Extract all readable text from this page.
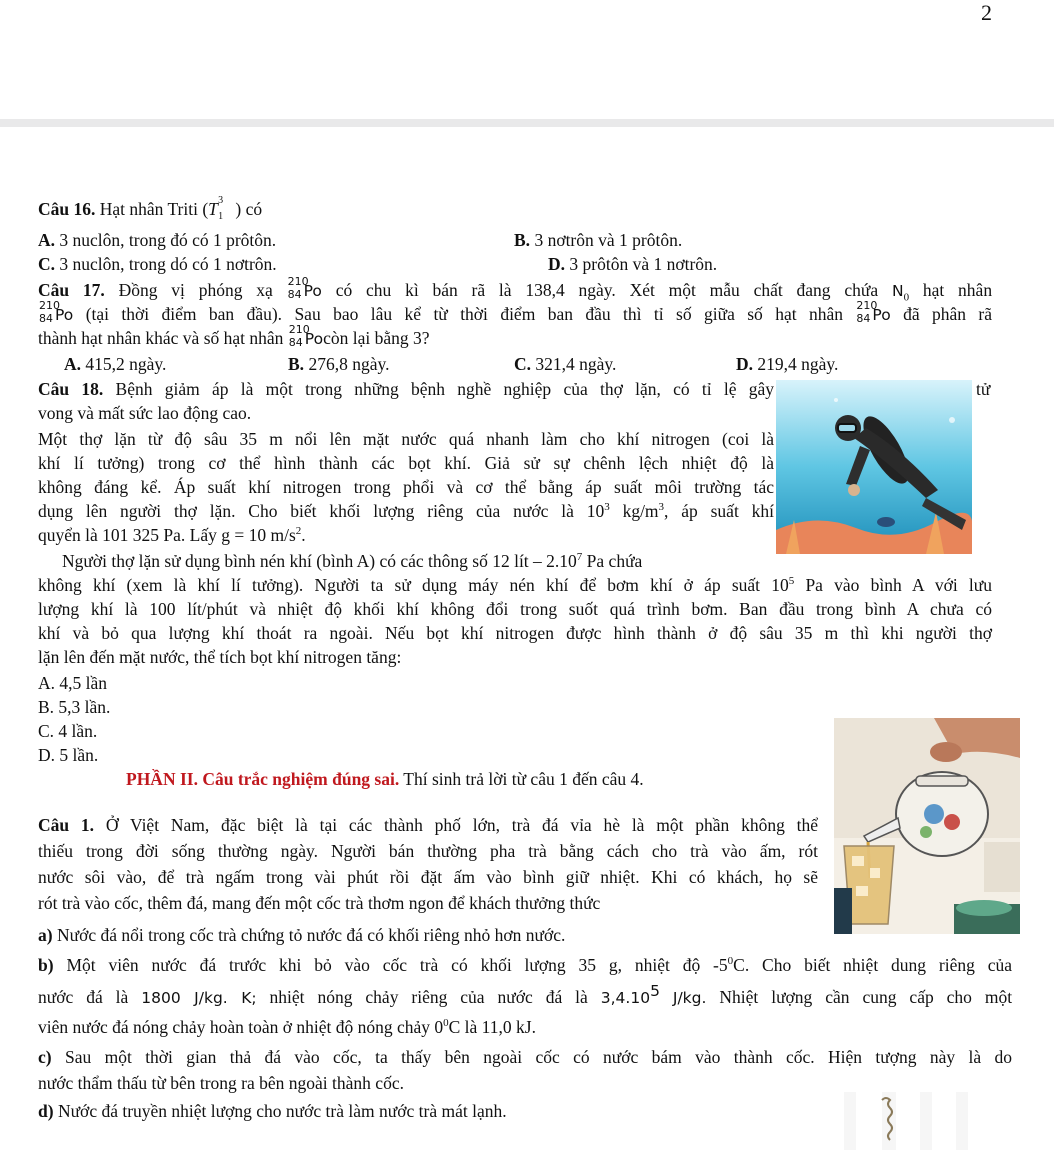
2
Câu 16. Hạt nhân Triti (T 3
1 ) có
A. 3 nuclôn, trong đó có 1 prôtôn.	B. 3 nơtrôn và 1 prôtôn.
C. 3 nuclôn, trong dó có 1 nơtrôn.	D. 3 prôtôn và 1 nơtrôn.
Câu 17. Đồng vị phóng xạ 210
84 Po có chu kì bán rã là 138,4 ngày. Xét một mẫu chất đang chứa $N_0$ hạt nhân
210
84 Po (tại thời điểm ban đầu). Sau bao lâu kể từ thời điểm ban đầu thì tỉ số giữa số hạt nhân 210
84 Po đã phân rã
thành hạt nhân khác và số hạt nhân 210
84 Pocòn lại bằng 3?
A. 415,2 ngày.	B. 276,8 ngày.	C. 321,4 ngày.	D. 219,4 ngày.
Câu 18. Bệnh giảm áp là một trong những bệnh nghề nghiệp của thợ lặn, có tỉ lệ gây	tử
vong và mất sức lao động cao.
Một thợ lặn từ độ sâu 35 m nổi lên mặt nước quá nhanh làm cho khí nitrogen (coi là
khí lí tưởng) trong cơ thể hình thành các bọt khí. Giả sử sự chênh lệch nhiệt độ là
không đáng kể. Áp suất khí nitrogen trong phổi và cơ thể bằng áp suất môi trường tác
dụng lên người thợ lặn. Cho biết khối lượng riêng của nước là $10^3$ $kg/m^3$, áp suất khí
quyển là 101 325 Pa. Lấy g = 10 $m/s^2$.
Người thợ lặn sử dụng bình nén khí (bình A) có các thông số 12 lít – 2.10$^7$ Pa chứa
không khí (xem là khí lí tưởng). Người ta sử dụng máy nén khí để bơm khí ở áp suất $10^5$ Pa vào bình A với lưu
lượng khí là 100 lít/phút và nhiệt độ khối khí không đổi trong suốt quá trình bơm. Ban đầu trong bình A chưa có
khí và bỏ qua lượng khí thoát ra ngoài. Nếu bọt khí nitrogen được hình thành ở độ sâu 35 m thì khi người thợ
lặn lên đến mặt nước, thể tích bọt khí nitrogen tăng:
A. 4,5 lần
B. 5,3 lần.
C. 4 lần.
D. 5 lần.
PHẦN II. Câu trắc nghiệm đúng sai. Thí sinh trả lời từ câu 1 đến câu 4.
Câu 1. Ở Việt Nam, đặc biệt là tại các thành phố lớn, trà đá vỉa hè là một phần không thể
thiếu trong đời sống thường ngày. Người bán thường pha trà bằng cách cho trà vào ấm, rót
nước sôi vào, để trà ngấm trong vài phút rồi đặt ấm vào bình giữ nhiệt. Khi có khách, họ sẽ
rót trà vào cốc, thêm đá, mang đến một cốc trà thơm ngon để khách thưởng thức
a) Nước đá nổi trong cốc trà chứng tỏ nước đá có khối riêng nhỏ hơn nước.
b) Một viên nước đá trước khi bỏ vào cốc trà có khối lượng 35 g, nhiệt độ $-5^0C$. Cho biết nhiệt dung riêng của
nước đá là 1800 J/kg. K; nhiệt nóng chảy riêng của nước đá là 3,4.10$^5$ J/kg. Nhiệt lượng cần cung cấp cho một
viên nước đá nóng chảy hoàn toàn ở nhiệt độ nóng chảy $0^0C$ là 11,0 kJ.
c) Sau một thời gian thả đá vào cốc, ta thấy bên ngoài cốc có nước bám vào thành cốc. Hiện tượng này là do
nước thẩm thấu từ bên trong ra bên ngoài thành cốc.
d) Nước đá truyền nhiệt lượng cho nước trà làm nước trà mát lạnh.
